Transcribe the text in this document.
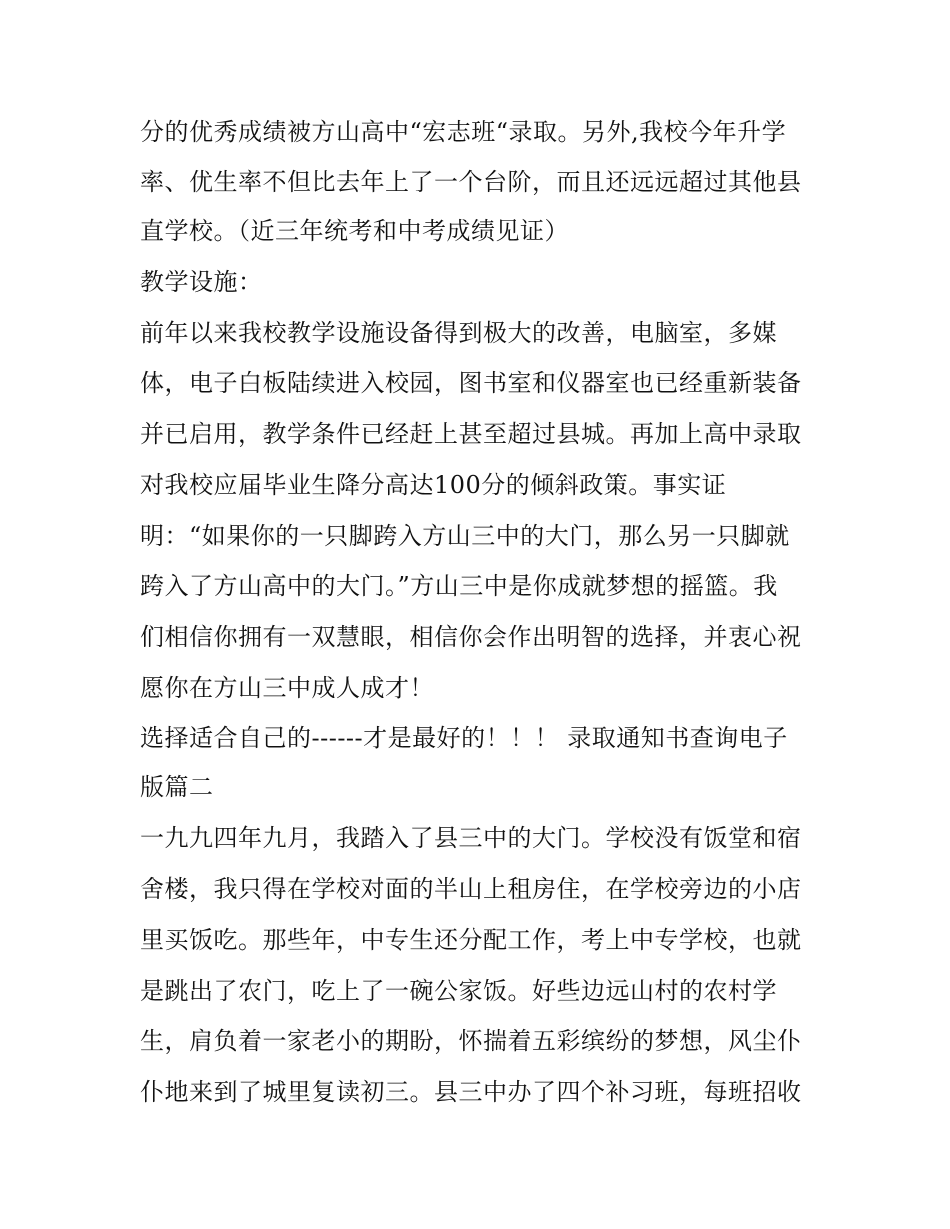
分的优秀成绩被方山高中“宏志班“录取。另外,我校今年升学
率、优生率不但比去年上了一个台阶，而且还远远超过其他县
直学校。（近三年统考和中考成绩见证）
教学设施：
前年以来我校教学设施设备得到极大的改善，电脑室，多媒
体，电子白板陆续进入校园，图书室和仪器室也已经重新装备
并已启用，教学条件已经赶上甚至超过县城。再加上高中录取
对我校应届毕业生降分高达100分的倾斜政策。事实证
明：“如果你的一只脚跨入方山三中的大门，那么另一只脚就
跨入了方山高中的大门。”方山三中是你成就梦想的摇篮。我
们相信你拥有一双慧眼，相信你会作出明智的选择，并衷心祝
愿你在方山三中成人成才！
选择适合自己的------才是最好的！！！ 录取通知书查询电子
版篇二
一九九四年九月，我踏入了县三中的大门。学校没有饭堂和宿
舍楼，我只得在学校对面的半山上租房住，在学校旁边的小店
里买饭吃。那些年，中专生还分配工作，考上中专学校，也就
是跳出了农门，吃上了一碗公家饭。好些边远山村的农村学
生，肩负着一家老小的期盼，怀揣着五彩缤纷的梦想，风尘仆
仆地来到了城里复读初三。县三中办了四个补习班，每班招收
